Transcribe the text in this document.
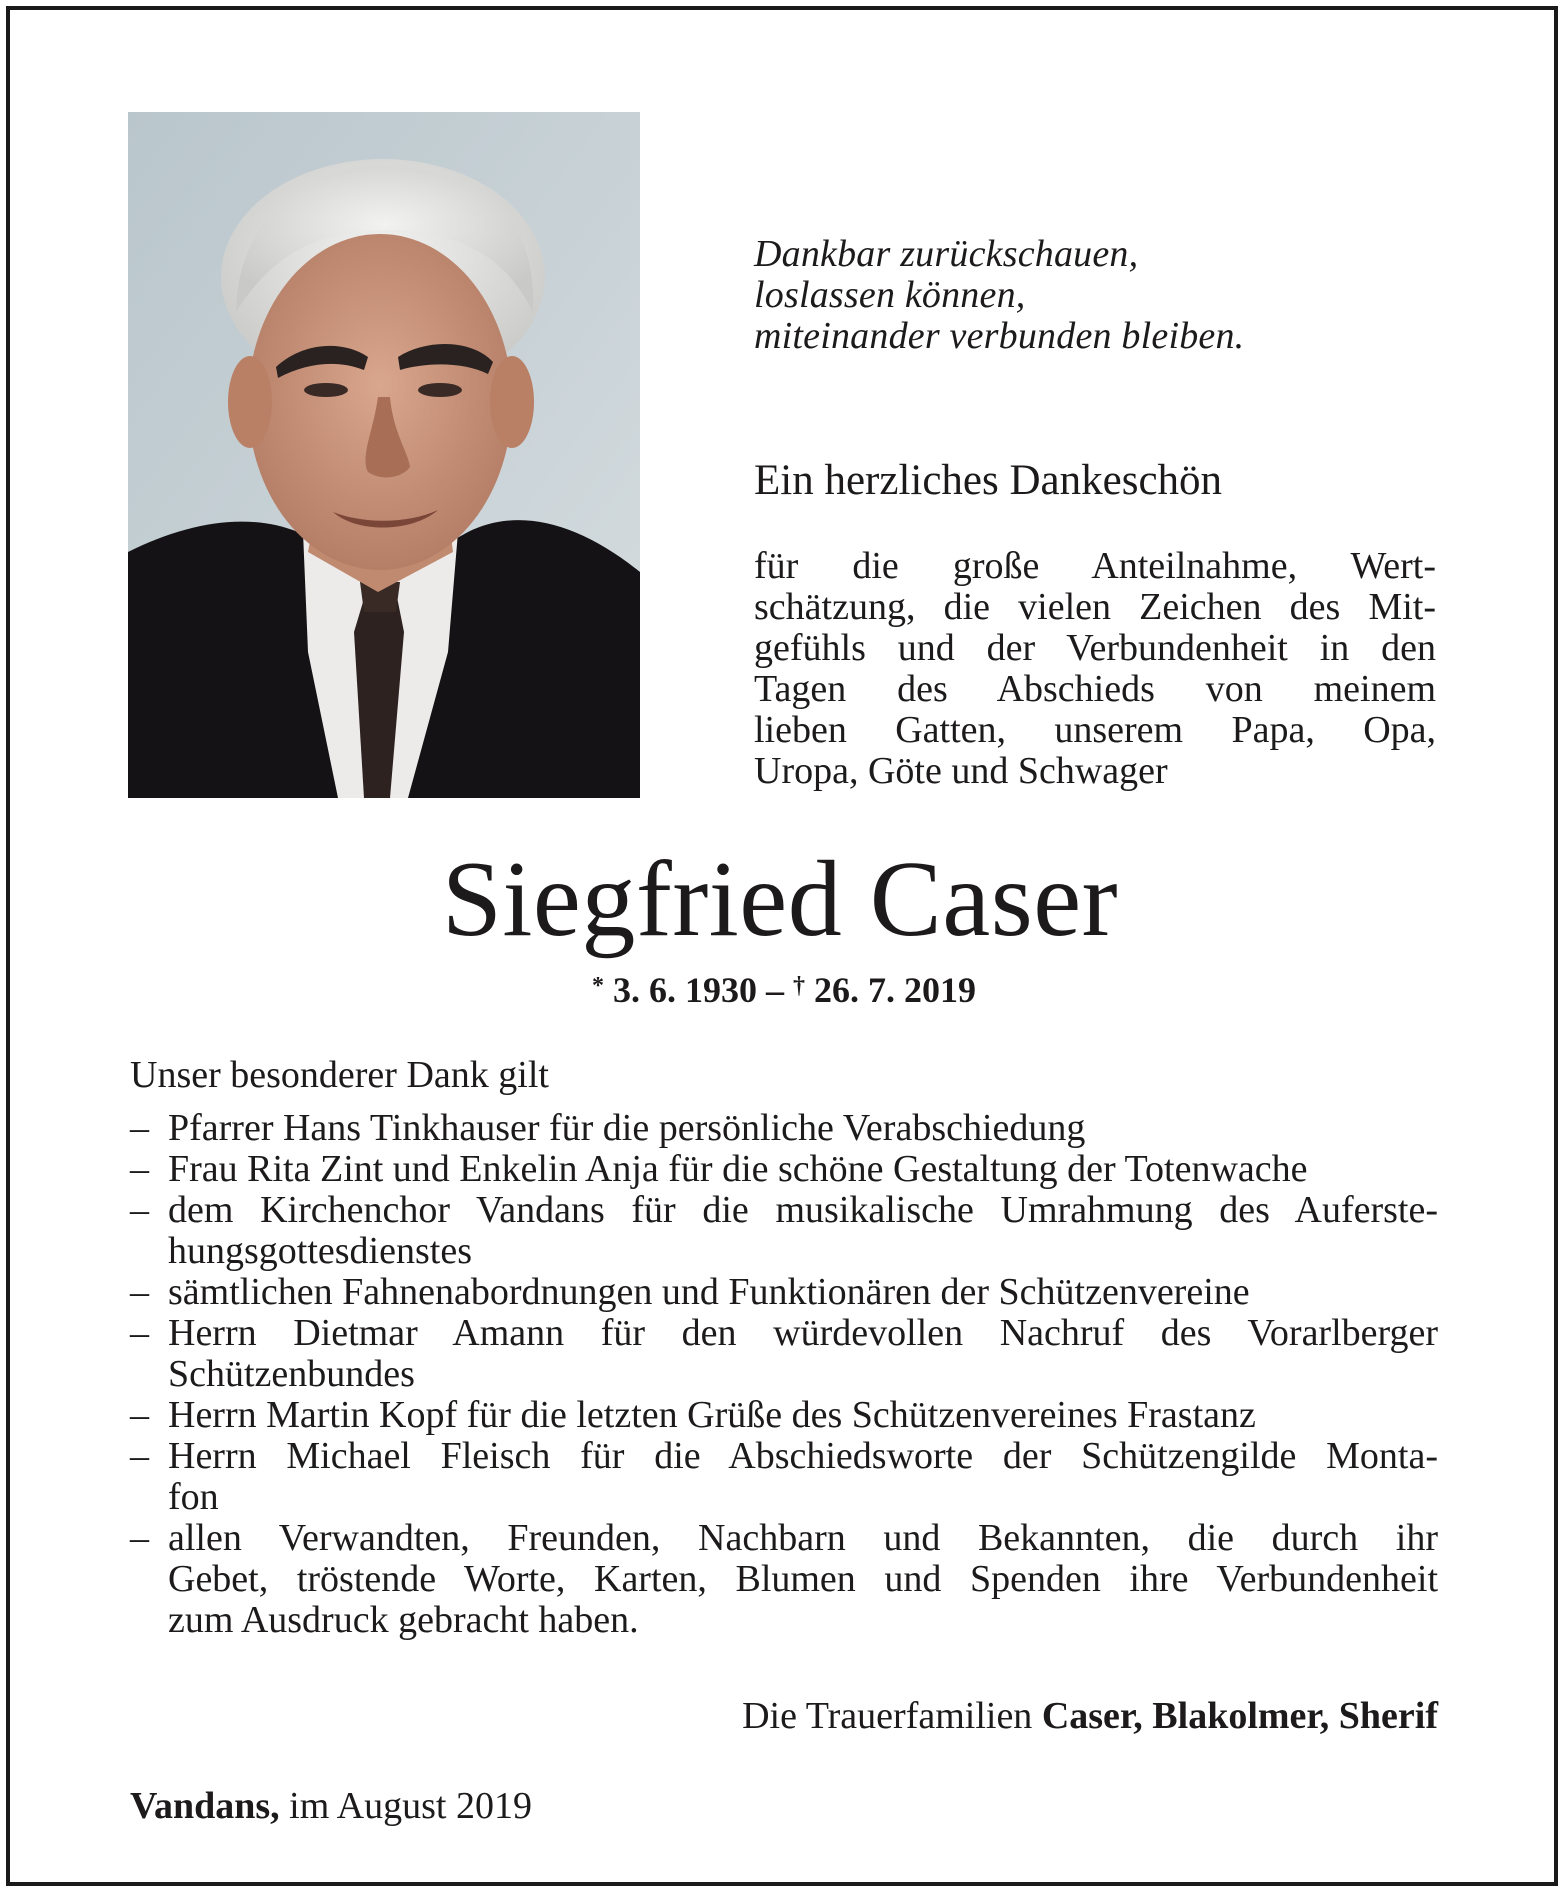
Dankbar zurückschauen,
loslassen können,
miteinander verbunden bleiben.
Ein herzliches Dankeschön
für die große Anteilnahme, Wert-
schätzung, die vielen Zeichen des Mit-
gefühls und der Verbundenheit in den
Tagen des Abschieds von meinem
lieben Gatten, unserem Papa, Opa,
Uropa, Göte und Schwager
Siegfried Caser
* 3. 6. 1930 – † 26. 7. 2019
Unser besonderer Dank gilt
– Pfarrer Hans Tinkhauser für die persönliche Verabschiedung
– Frau Rita Zint und Enkelin Anja für die schöne Gestaltung der Totenwache
– dem Kirchenchor Vandans für die musikalische Umrahmung des Auferste-
hungsgottesdienstes
– sämtlichen Fahnenabordnungen und Funktionären der Schützenvereine
– Herrn Dietmar Amann für den würdevollen Nachruf des Vorarlberger
Schützenbundes
– Herrn Martin Kopf für die letzten Grüße des Schützenvereines Frastanz
– Herrn Michael Fleisch für die Abschiedsworte der Schützengilde Monta-
fon
– allen Verwandten, Freunden, Nachbarn und Bekannten, die durch ihr
Gebet, tröstende Worte, Karten, Blumen und Spenden ihre Verbundenheit
zum Ausdruck gebracht haben.
Die Trauerfamilien Caser, Blakolmer, Sherif
Vandans, im August 2019
